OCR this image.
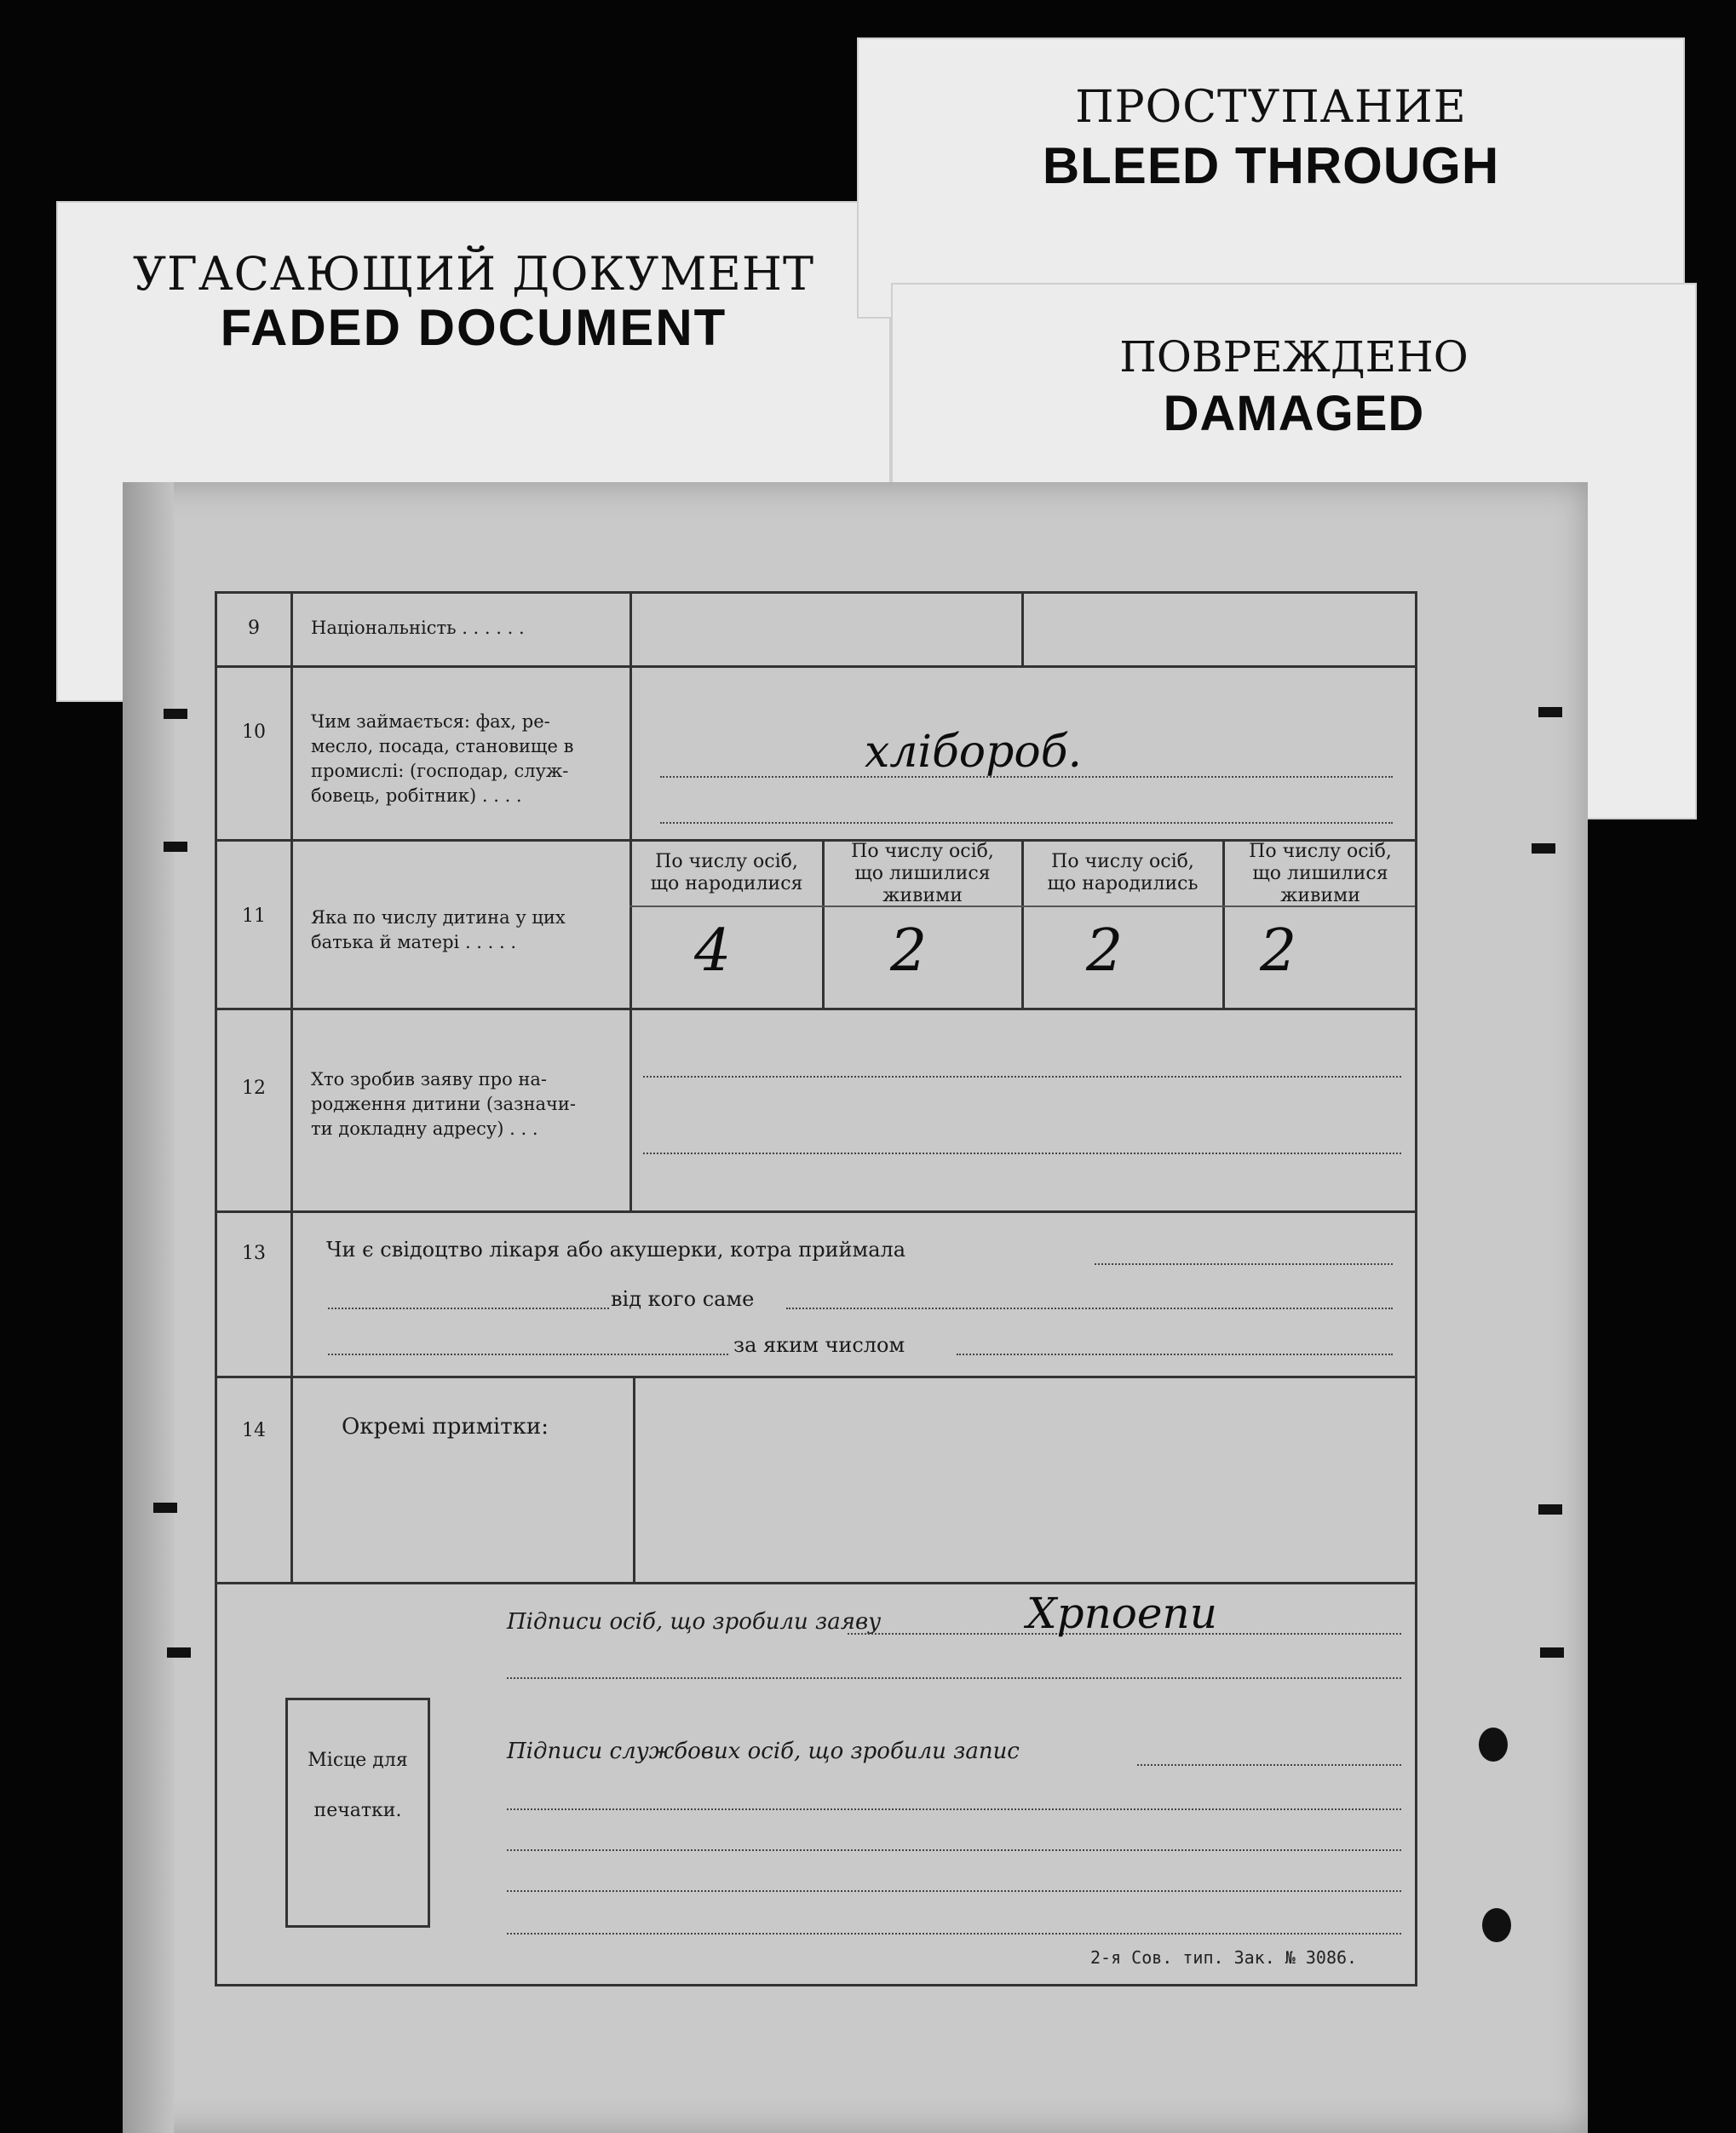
УГАСАЮЩИЙ ДОКУМЕНТ
FADED DOCUMENT
ПРОСТУПАНИЕ
BLEED THROUGH
ПОВРЕЖДЕНО
DAMAGED
9	Національність . . . . . .
10	Чим займається: фах, ре-
месло, посада, становище в
промислі: (господар, служ-
бовець, робітник) . . . .
хлібороб.
11	Яка по числу дитина у цих
батька й матері . . . . .
По числу осіб,
що народилися
По числу осіб,
що лишилися
живими
По числу осіб,
що народились
По числу осіб,
що лишилися
живими
4	2	2 2
12	Хто зробив заяву про на-
родження дитини (зазначи-
ти докладну адресу) . . .
13	Чи є свідоцтво лікаря або акушерки, котра приймала
від кого саме
за яким числом
14	Окремі примітки:
Підписи осіб, що зробили заяву	Хрпоепи
Підписи службових осіб, що зробили запис
Місце для
печатки.
2-я Сов. тип. Зак. № 3086.
